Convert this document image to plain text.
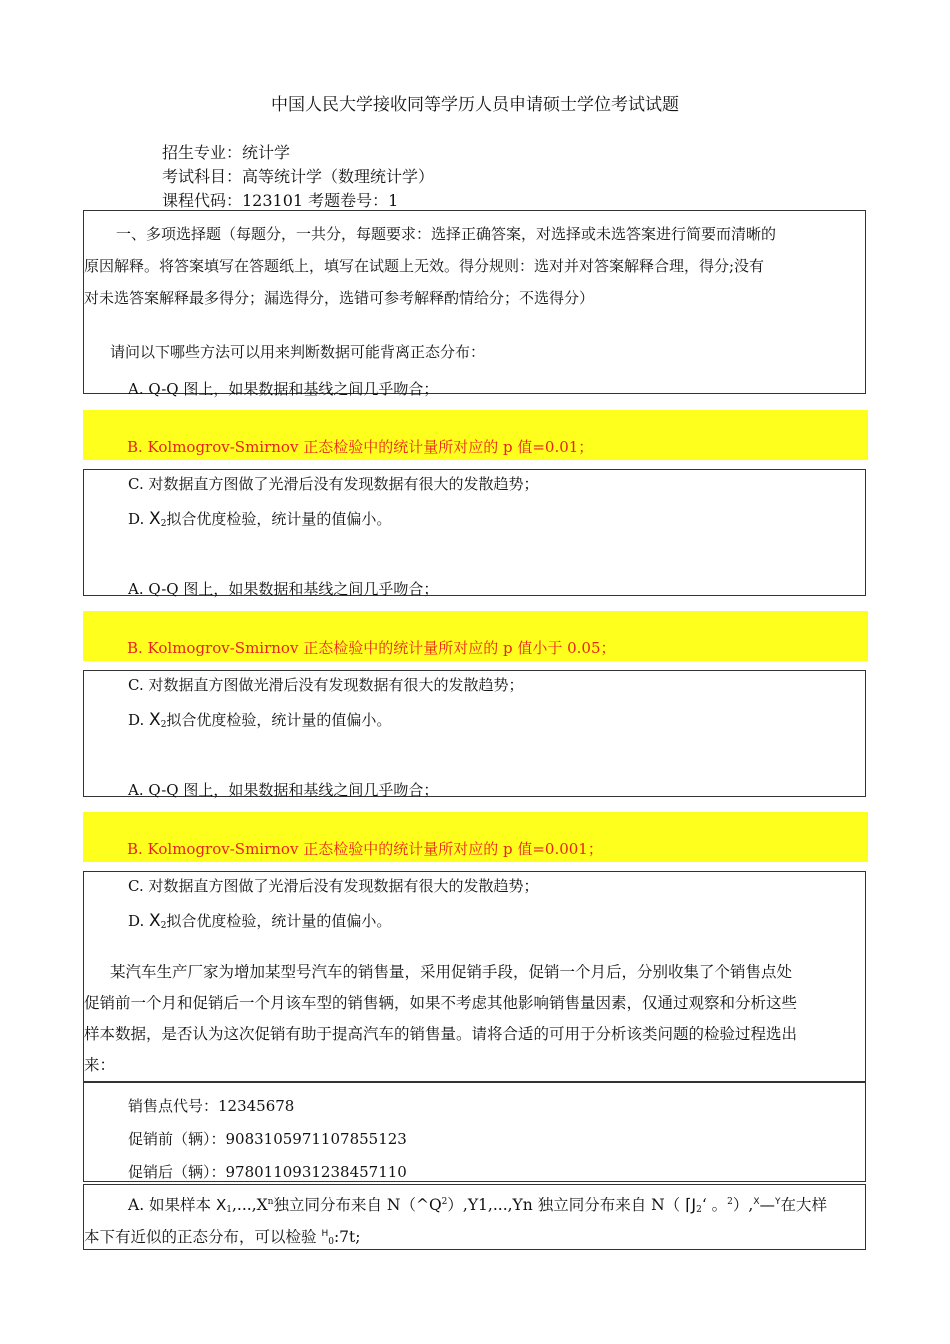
中国人民大学接收同等学历人员申请硕士学位考试试题
招生专业：统计学
考试科目：高等统计学（数理统计学）
课程代码：123101 考题卷号：1
一、多项选择题（每题分，一共分，每题要求：选择正确答案，对选择或未选答案进行简要而清晰的
原因解释。将答案填写在答题纸上，填写在试题上无效。得分规则：选对并对答案解释合理，得分;没有
对未选答案解释最多得分；漏选得分，选错可参考解释酌情给分；不选得分）
请问以下哪些方法可以用来判断数据可能背离正态分布：
A. Q-Q 图上，如果数据和基线之间几乎吻合；
B. Kolmogrov-Smirnov 正态检验中的统计量所对应的 p 值=0.01；
C. 对数据直方图做了光滑后没有发现数据有很大的发散趋势；
D. $X_2$拟合优度检验，统计量的值偏小。
A. Q-Q 图上，如果数据和基线之间几乎吻合；
B. Kolmogrov-Smirnov 正态检验中的统计量所对应的 p 值小于 0.05；
C. 对数据直方图做光滑后没有发现数据有很大的发散趋势；
D. $X_2$拟合优度检验，统计量的值偏小。
A. Q-Q 图上，如果数据和基线之间几乎吻合；
B. Kolmogrov-Smirnov 正态检验中的统计量所对应的 p 值=0.001；
C. 对数据直方图做了光滑后没有发现数据有很大的发散趋势；
D. $X_2$拟合优度检验，统计量的值偏小。
某汽车生产厂家为增加某型号汽车的销售量，采用促销手段，促销一个月后，分别收集了个销售点处
促销前一个月和促销后一个月该车型的销售辆，如果不考虑其他影响销售量因素，仅通过观察和分析这些
样本数据，是否认为这次促销有助于提高汽车的销售量。请将合适的可用于分析该类问题的检验过程选出
来：
销售点代号：12345678
促销前（辆）：9083105971107855123
促销后（辆）：9780110931238457110
A. 如果样本 $X_1,...,X^n$独立同分布来自 $N(\^{}Q^2),Y1,...,Yn$ 独立同分布来自 N（ $⌈J_2‘$ 。$^2$）,$^X$—$^Y$在大样
本下有近似的正态分布，可以检验 $^H_0$:7t;
